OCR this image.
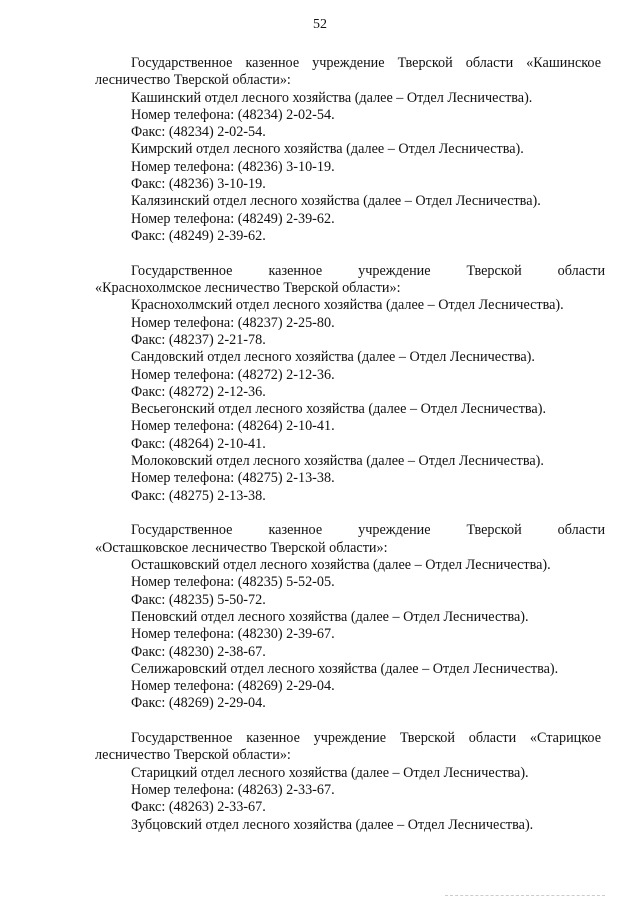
52

Государственное казенное учреждение Тверской области «Кашинское лесничество Тверской области»:

Кашинский отдел лесного хозяйства (далее – Отдел Лесничества).

Номер телефона: (48234) 2-02-54.

Факс: (48234) 2-02-54.

Кимрский отдел лесного хозяйства (далее – Отдел Лесничества).

Номер телефона: (48236) 3-10-19.

Факс: (48236) 3-10-19.

Калязинский отдел лесного хозяйства (далее – Отдел Лесничества).

Номер телефона: (48249) 2-39-62.

Факс: (48249) 2-39-62.

Государственное	казенное	учреждение	Тверской	области

«Краснохолмское лесничество Тверской области»:

Краснохолмский отдел лесного хозяйства (далее – Отдел Лесничества).

Номер телефона: (48237) 2-25-80.

Факс: (48237) 2-21-78.

Сандовский отдел лесного хозяйства (далее – Отдел Лесничества).

Номер телефона: (48272) 2-12-36.

Факс: (48272) 2-12-36.

Весьегонский отдел лесного хозяйства (далее – Отдел Лесничества).

Номер телефона: (48264) 2-10-41.

Факс: (48264) 2-10-41.

Молоковский отдел лесного хозяйства (далее – Отдел Лесничества).

Номер телефона: (48275) 2-13-38.

Факс: (48275) 2-13-38.

Государственное	казенное	учреждение	Тверской	области

«Осташковское лесничество Тверской области»:

Осташковский отдел лесного хозяйства (далее – Отдел Лесничества).

Номер телефона: (48235) 5-52-05.

Факс: (48235) 5-50-72.

Пеновский отдел лесного хозяйства (далее – Отдел Лесничества).

Номер телефона: (48230) 2-39-67.

Факс: (48230) 2-38-67.

Селижаровский отдел лесного хозяйства (далее – Отдел Лесничества).

Номер телефона: (48269) 2-29-04.

Факс: (48269) 2-29-04.

Государственное казенное учреждение Тверской области «Старицкое лесничество Тверской области»:

Старицкий отдел лесного хозяйства (далее – Отдел Лесничества).

Номер телефона: (48263) 2-33-67.

Факс: (48263) 2-33-67.

Зубцовский отдел лесного хозяйства (далее – Отдел Лесничества).
